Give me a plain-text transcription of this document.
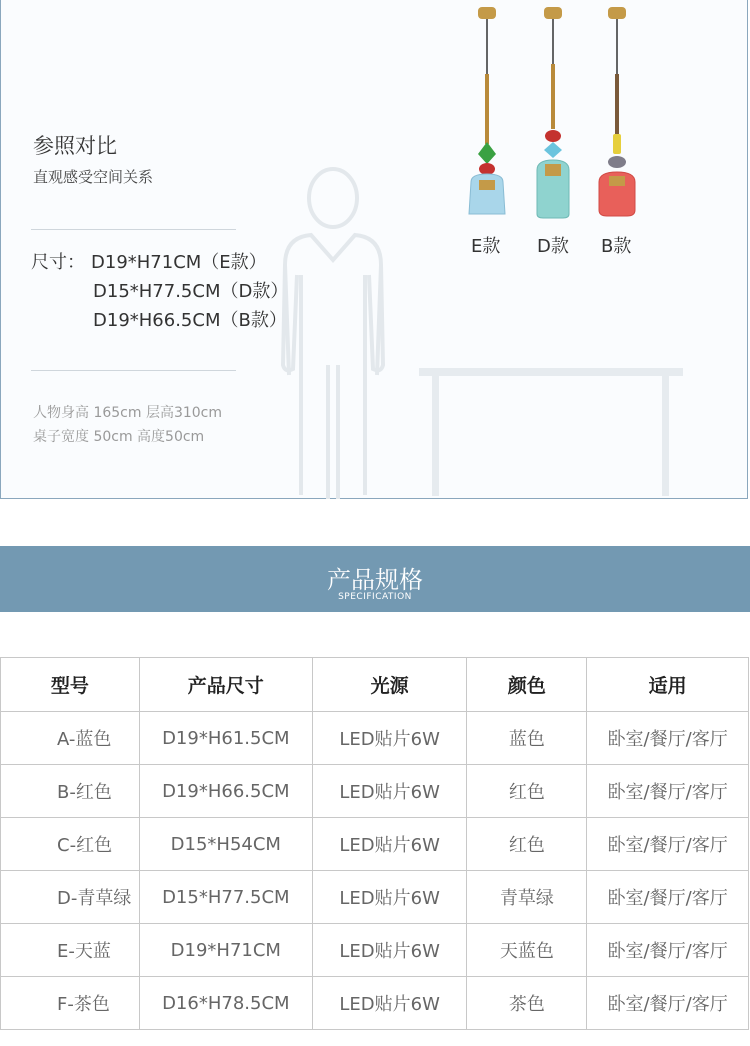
参照对比
直观感受空间关系
尺寸： D19*H71CM（E款）
D15*H77.5CM（D款）
D19*H66.5CM（B款）
人物身高 165cm 层高310cm
桌子宽度 50cm 高度50cm
E款 D款 B款
产品规格
SPECIFICATION
型号	产品尺寸	光源	颜色	适用
A-蓝色	D19*H61.5CM	LED贴片6W	蓝色	卧室/餐厅/客厅
B-红色	D19*H66.5CM	LED贴片6W	红色	卧室/餐厅/客厅
C-红色	D15*H54CM	LED贴片6W	红色	卧室/餐厅/客厅
D-青草绿	D15*H77.5CM	LED贴片6W	青草绿	卧室/餐厅/客厅
E-天蓝	D19*H71CM	LED贴片6W	天蓝色	卧室/餐厅/客厅
F-茶色	D16*H78.5CM	LED贴片6W	茶色	卧室/餐厅/客厅
